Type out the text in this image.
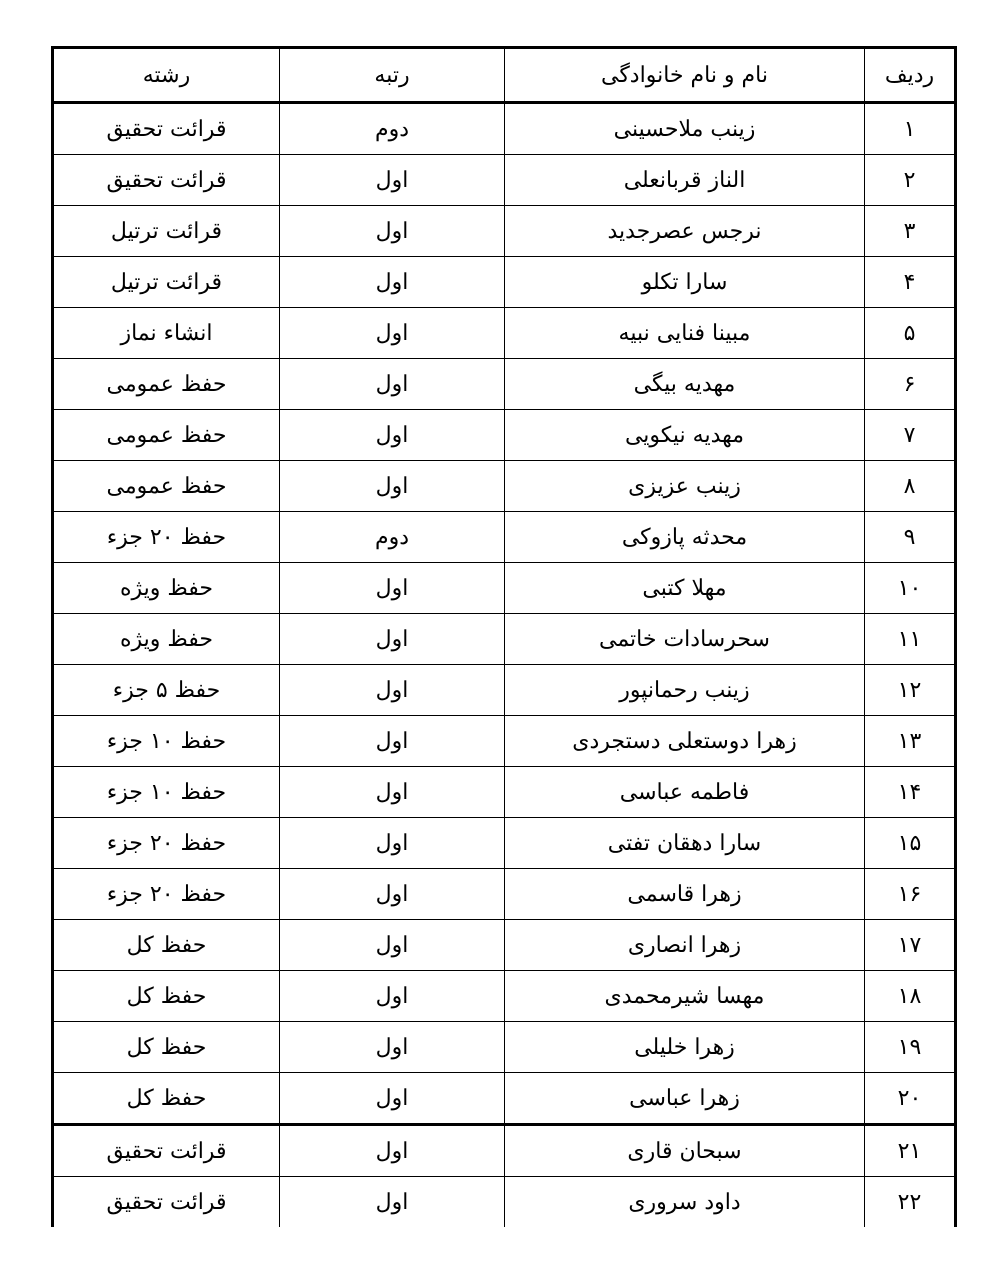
ردیف	نام و نام خانوادگی	رتبه	رشته
۱	زینب ملاحسینی	دوم	قرائت تحقیق
۲	الناز قربانعلی	اول	قرائت تحقیق
۳	نرجس عصرجدید	اول	قرائت ترتیل
۴	سارا تکلو	اول	قرائت ترتیل
۵	مبینا فنایی نبیه	اول	انشاء نماز
۶	مهدیه بیگی	اول	حفظ عمومی
۷	مهدیه نیکویی	اول	حفظ عمومی
۸	زینب عزیزی	اول	حفظ عمومی
۹	محدثه پازوکی	دوم	حفظ ۲۰ جزء
۱۰	مهلا کتبی	اول	حفظ ویژه
۱۱	سحرسادات خاتمی	اول	حفظ ویژه
۱۲	زینب رحمانپور	اول	حفظ ۵ جزء
۱۳	زهرا دوستعلی دستجردی	اول	حفظ ۱۰ جزء
۱۴	فاطمه عباسی	اول	حفظ ۱۰ جزء
۱۵	سارا دهقان تفتی	اول	حفظ ۲۰ جزء
۱۶	زهرا قاسمی	اول	حفظ ۲۰ جزء
۱۷	زهرا انصاری	اول	حفظ کل
۱۸	مهسا شیرمحمدی	اول	حفظ کل
۱۹	زهرا خلیلی	اول	حفظ کل
۲۰	زهرا عباسی	اول	حفظ کل
۲۱	سبحان قاری	اول	قرائت تحقیق
۲۲	داود سروری	اول	قرائت تحقیق
